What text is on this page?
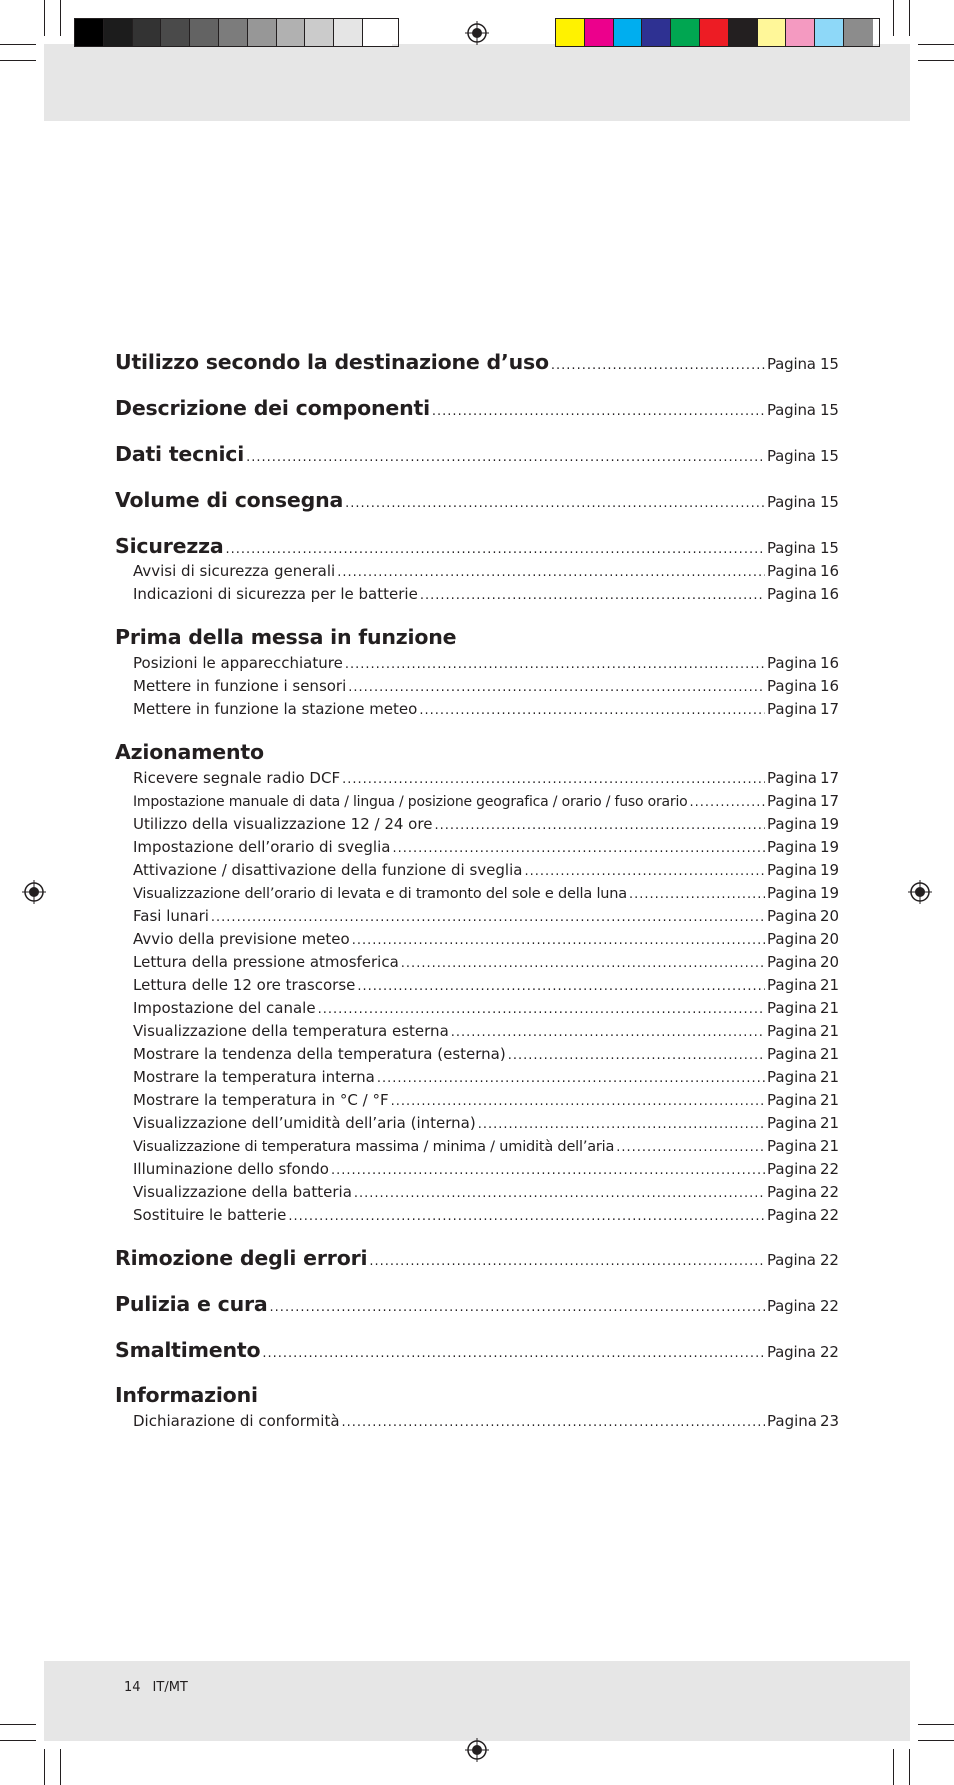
Utilizzo secondo la destinazione d’uso .....	Pagina 15
Descrizione dei componenti .....	Pagina 15
Dati tecnici .....	Pagina 15
Volume di consegna .....	Pagina 15
Sicurezza .....	Pagina 15
Avvisi di sicurezza generali .....	Pagina 16
Indicazioni di sicurezza per le batterie .....	Pagina 16
Prima della messa in funzione
Posizioni le apparecchiature .....	Pagina 16
Mettere in funzione i sensori .....	Pagina 16
Mettere in funzione la stazione meteo .....	Pagina 17
Azionamento
Ricevere segnale radio DCF .....	Pagina 17
Impostazione manuale di data / lingua / posizione geografica / orario / fuso orario .....	Pagina 17
Utilizzo della visualizzazione 12 / 24 ore .....	Pagina 19
Impostazione dell’orario di sveglia .....	Pagina 19
Attivazione / disattivazione della funzione di sveglia .....	Pagina 19
Visualizzazione dell’orario di levata e di tramonto del sole e della luna .....	Pagina 19
Fasi lunari .....	Pagina 20
Avvio della previsione meteo .....	Pagina 20
Lettura della pressione atmosferica .....	Pagina 20
Lettura delle 12 ore trascorse .....	Pagina 21
Impostazione del canale .....	Pagina 21
Visualizzazione della temperatura esterna .....	Pagina 21
Mostrare la tendenza della temperatura (esterna) .....	Pagina 21
Mostrare la temperatura interna .....	Pagina 21
Mostrare la temperatura in °C / °F .....	Pagina 21
Visualizzazione dell’umidità dell’aria (interna) .....	Pagina 21
Visualizzazione di temperatura massima / minima / umidità dell’aria .....	Pagina 21
Illuminazione dello sfondo .....	Pagina 22
Visualizzazione della batteria .....	Pagina 22
Sostituire le batterie .....	Pagina 22
Rimozione degli errori .....	Pagina 22
Pulizia e cura .....	Pagina 22
Smaltimento .....	Pagina 22
Informazioni
Dichiarazione di conformità .....	Pagina 23
14 IT/MT
